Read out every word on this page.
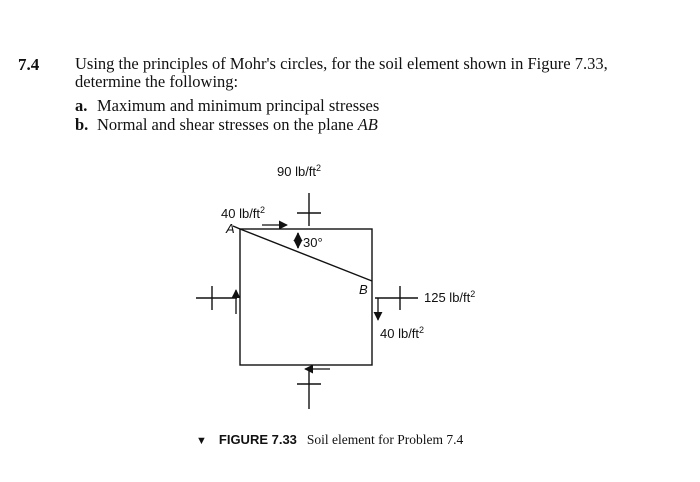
7.4 Using the principles of Mohr's circles, for the soil element shown in Figure 7.33,
determine the following:
a. Maximum and minimum principal stresses
b. Normal and shear stresses on the plane AB
90 $lb/ft^2$
40 $lb/ft^2$
A
30°
B
125 $lb/ft^2$
40 $lb/ft^2$
▼ FIGURE 7.33 Soil element for Problem 7.4
